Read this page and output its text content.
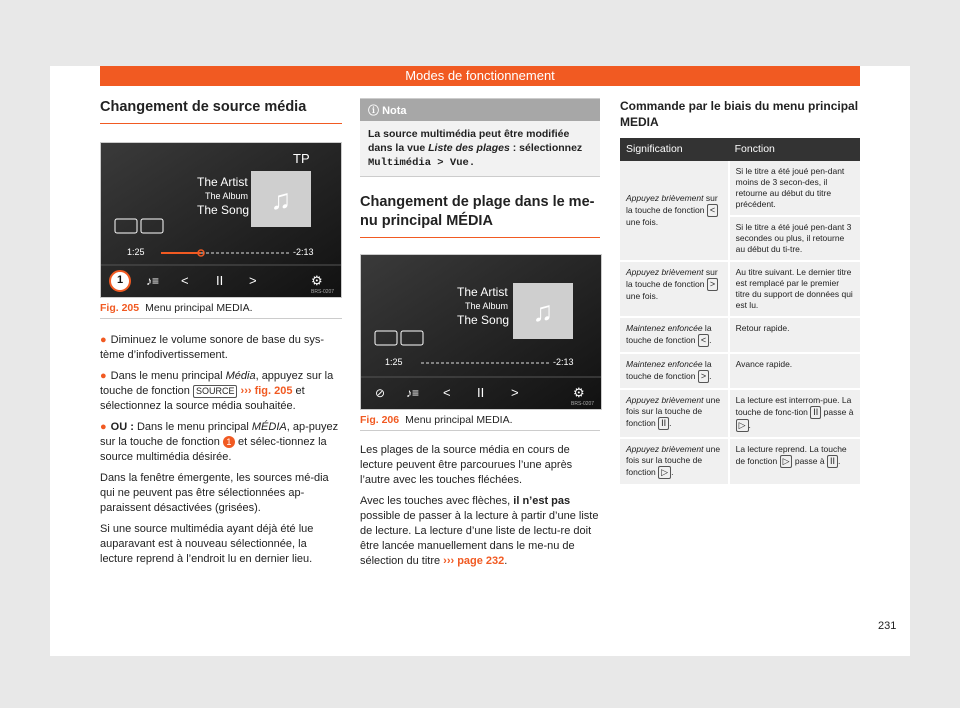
Modes de fonctionnement
Changement de source média
♫
♪≡ < II >	⚙
TP
The Artist
The Album
The Song
1:25	-2:13
1
BRS-0207
Fig. 205 Menu principal MEDIA.

● Diminuez le volume sonore de base du sys-tème d’infodivertissement.

● Dans le menu principal Média, appuyez sur la touche de fonction SOURCE ››› fig. 205 et sélectionnez la source média souhaitée.

● OU : Dans le menu principal MÉDIA, ap-puyez sur la touche de fonction 1 et sélec-tionnez la source multimédia désirée.

Dans la fenêtre émergente, les sources mé-dia qui ne peuvent pas être sélectionnées ap-paraissent désactivées (grisées).

Si une source multimédia ayant déjà été lue auparavant est à nouveau sélectionnée, la lecture reprend à l’endroit lu en dernier lieu.

ⓘ Nota
La source multimédia peut être modifiée dans la vue Liste des plages : sélectionnez Multimédia > Vue.
Changement de plage dans le me-nu principal MÉDIA
♫
⊘ ♪≡ < II >	⚙
The Artist
The Album
The Song
1:25	-2:13
BRS-0207
Fig. 206 Menu principal MEDIA.

Les plages de la source média en cours de lecture peuvent être parcourues l’une après l’autre avec les touches fléchées.

Avec les touches avec flèches, il n’est pas possible de passer à la lecture à partir d’une liste de lecture. La lecture d’une liste de lectu-re doit être lancée manuellement dans le me-nu de sélection du titre ››› page 232.

Commande par le biais du menu principal MEDIA
Signification	Fonction
Appuyez brièvement sur la touche de fonction < une fois.	Si le titre a été joué pen-dant moins de 3 secon-des, il retourne au début du titre précédent.
	Si le titre a été joué pen-dant 3 secondes ou plus, il retourne au début du ti-tre.
Appuyez brièvement sur la touche de fonction > une fois.	Au titre suivant. Le dernier titre est remplacé par le premier titre du support de données qui est lu.
Maintenez enfoncée la touche de fonction < .	Retour rapide.
Maintenez enfoncée la touche de fonction > .	Avance rapide.
Appuyez brièvement une fois sur la touche de fonction II .	La lecture est interrom-pue. La touche de fonc-tion II passe à ▷ .
Appuyez brièvement une fois sur la touche de fonction ▷ .	La lecture reprend. La touche de fonction ▷ passe à II .
231
